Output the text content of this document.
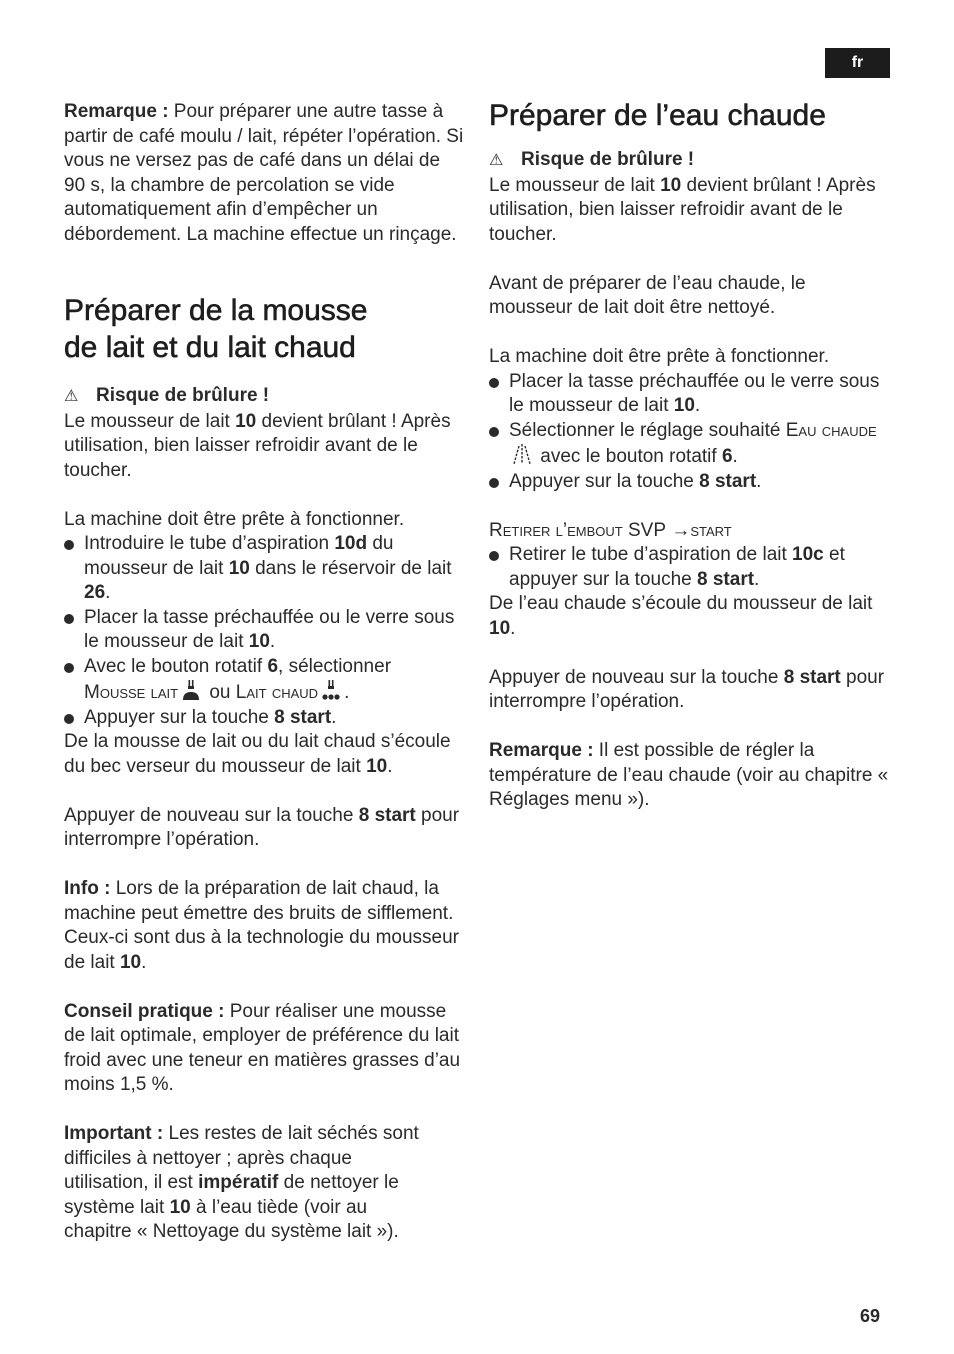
fr

Remarque : Pour préparer une autre tasse à partir de café moulu / lait, répéter l’opération. Si vous ne versez pas de café dans un délai de 90 s, la chambre de percolation se vide automatiquement afin d’empêcher un débordement. La machine effectue un rinçage.

Préparer de la mousse
de lait et du lait chaud

⚠ Risque de brûlure !

Le mousseur de lait 10 devient brûlant ! Après utilisation, bien laisser refroidir avant de le toucher.

La machine doit être prête à fonctionner.

Introduire le tube d’aspiration 10d du mousseur de lait 10 dans le réservoir de lait 26.
Placer la tasse préchauffée ou le verre sous le mousseur de lait 10.
Avec le bouton rotatif 6, sélectionner
Mousse lait ou Lait chaud .
Appuyer sur la touche 8 start.

De la mousse de lait ou du lait chaud s’écoule du bec verseur du mousseur de lait 10.

Appuyer de nouveau sur la touche 8 start pour interrompre l’opération.

Info : Lors de la préparation de lait chaud, la machine peut émettre des bruits de sifflement. Ceux-ci sont dus à la technologie du mousseur de lait 10.

Conseil pratique : Pour réaliser une mousse de lait optimale, employer de préférence du lait froid avec une teneur en matières grasses d’au moins 1,5 %.

Important : Les restes de lait séchés sont difficiles à nettoyer ; après chaque utilisation, il est impératif de nettoyer le système lait 10 à l’eau tiède (voir au chapitre « Nettoyage du système lait »).

Préparer de l’eau chaude

⚠ Risque de brûlure !

Le mousseur de lait 10 devient brûlant ! Après utilisation, bien laisser refroidir avant de le toucher.

Avant de préparer de l’eau chaude, le mousseur de lait doit être nettoyé.

La machine doit être prête à fonctionner.

Placer la tasse préchauffée ou le verre sous le mousseur de lait 10.
Sélectionner le réglage souhaité Eau chaude avec le bouton rotatif 6.
Appuyer sur la touche 8 start.

Retirer l’embout SVP →start

Retirer le tube d’aspiration de lait 10c et appuyer sur la touche 8 start.

De l’eau chaude s’écoule du mousseur de lait 10.

Appuyer de nouveau sur la touche 8 start pour interrompre l’opération.

Remarque : Il est possible de régler la température de l’eau chaude (voir au chapitre « Réglages menu »).

69
